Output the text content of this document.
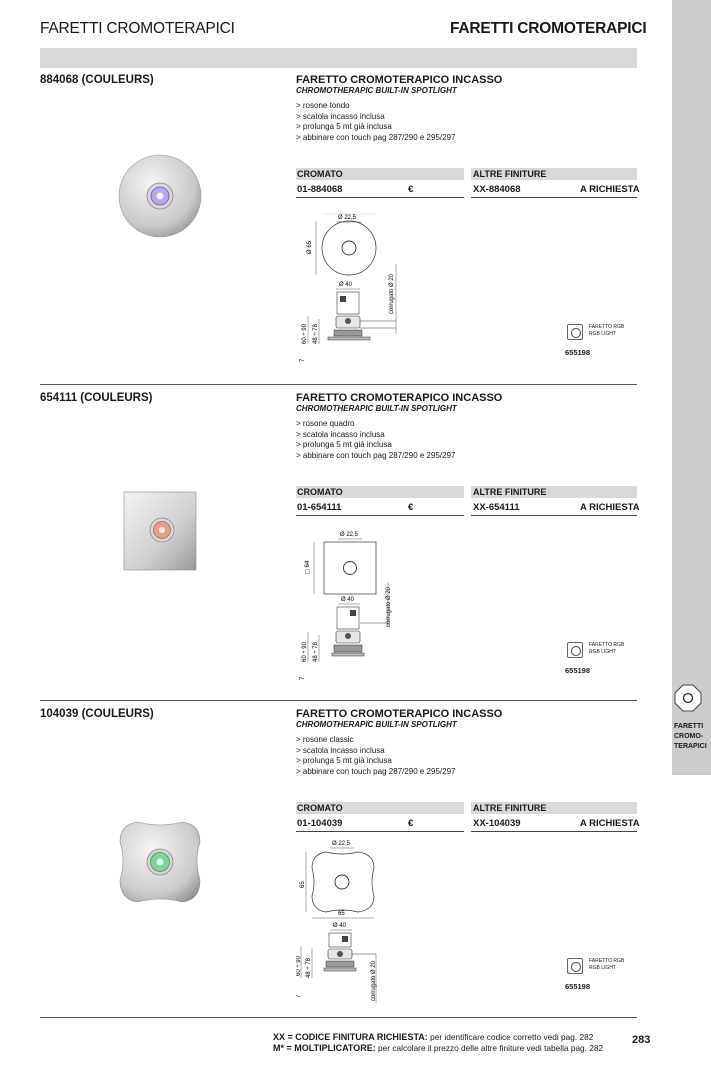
FARETTI CROMOTERAPICI	FARETTI CROMOTERAPICI
FARETTI
CROMO-
TERAPICI
884068 (COULEURS)	FARETTO CROMOTERAPICO INCASSO
CHROMOTHERAPIC BUILT-IN SPOTLIGHT
> rosone tondo
> scatola incasso inclusa
> prolunga 5 mt già inclusa
> abbinare con touch pag 287/290 e 295/297
CROMATO	ALTRE FINITURE
01-884068	€	XX-884068	A RICHIESTA
Ø 22,5
Ø 65
Ø 40	corrugato Ø 20
60 ÷ 90 48 ÷ 78
7
FARETTO RGB
RGB LIGHT
655198
654111 (COULEURS)	FARETTO CROMOTERAPICO INCASSO
CHROMOTHERAPIC BUILT-IN SPOTLIGHT
> rosone quadro
> scatola incasso inclusa
> prolunga 5 mt già inclusa
> abbinare con touch pag 287/290 e 295/297
CROMATO	ALTRE FINITURE
01-654111	€	XX-654111	A RICHIESTA
Ø 22,5
◻ 64
Ø 40	corrugato Ø 20
60 ÷ 90 48 ÷ 78
7
FARETTO RGB
RGB LIGHT
655198
104039 (COULEURS)	FARETTO CROMOTERAPICO INCASSO
CHROMOTHERAPIC BUILT-IN SPOTLIGHT
> rosone classic
> scatola incasso inclusa
> prolunga 5 mt già inclusa
> abbinare con touch pag 287/290 e 295/297
CROMATO	ALTRE FINITURE
01-104039	€	XX-104039	A RICHIESTA
Ø 22,5
65
65
Ø 40
corrugato Ø 20
60 ÷ 90 48 ÷ 78
7
FARETTO RGB
RGB LIGHT
655198
XX = CODICE FINITURA RICHIESTA: per identificare codice corretto vedi pag. 282
M* = MOLTIPLICATORE: per calcolare il prezzo delle altre finiture vedi tabella pag. 282
283
